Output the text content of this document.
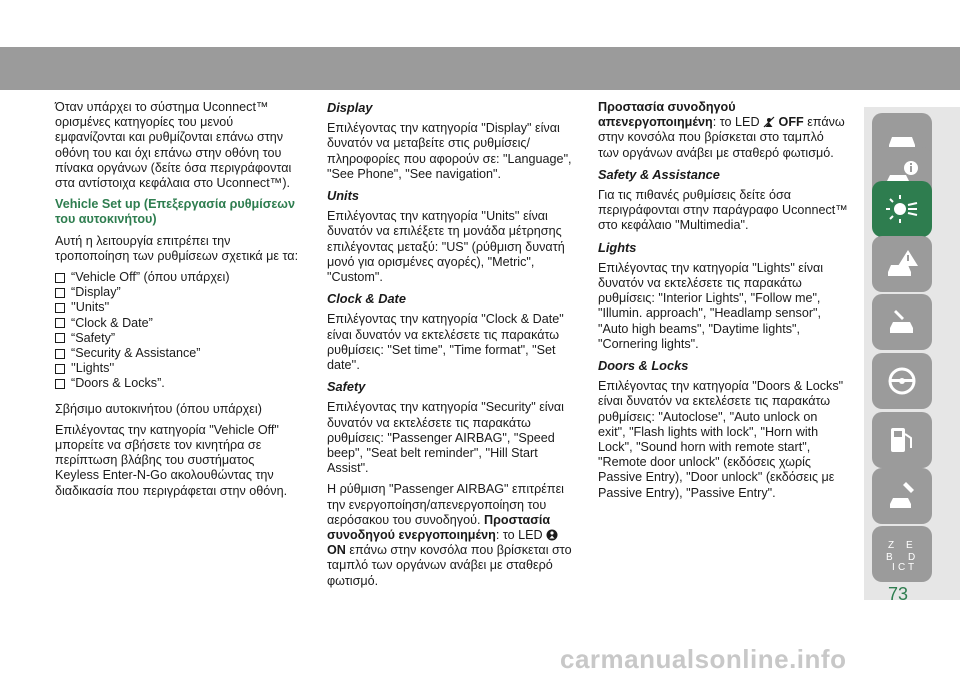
Όταν υπάρχει το σύστημα Uconnect™ ορισμένες κατηγορίες του μενού εμφανίζονται και ρυθμίζονται επάνω στην οθόνη του και όχι επάνω στην οθόνη του πίνακα οργάνων (δείτε όσα περιγράφονται στα αντίστοιχα κεφάλαια στο Uconnect™).

Vehicle Set up (Επεξεργασία ρυθμίσεων του αυτοκινήτου)

Αυτή η λειτουργία επιτρέπει την τροποποίηση των ρυθμίσεων σχετικά με τα:

“Vehicle Off” (όπου υπάρχει)
“Display”
''Units''
“Clock & Date”
“Safety”
“Security & Assistance”
''Lights''
“Doors & Locks”.

Σβήσιμο αυτοκινήτου (όπου υπάρχει)

Επιλέγοντας την κατηγορία "Vehicle Off" μπορείτε να σβήσετε τον κινητήρα σε περίπτωση βλάβης του συστήματος Keyless Enter-N-Go ακολουθώντας την διαδικασία που περιγράφεται στην οθόνη.

Display

Επιλέγοντας την κατηγορία "Display" είναι δυνατόν να μεταβείτε στις ρυθμίσεις/πληροφορίες που αφορούν σε: "Language", "See Phone", "See navigation".

Units

Επιλέγοντας την κατηγορία ''Units'' είναι δυνατόν να επιλέξετε τη μονάδα μέτρησης επιλέγοντας μεταξύ: "US" (ρύθμιση δυνατή μονό για ορισμένες αγορές), "Metric", "Custom".

Clock & Date

Επιλέγοντας την κατηγορία "Clock & Date" είναι δυνατόν να εκτελέσετε τις παρακάτω ρυθμίσεις: "Set time", "Time format", "Set date''.

Safety

Επιλέγοντας την κατηγορία "Security" είναι δυνατόν να εκτελέσετε τις παρακάτω ρυθμίσεις: "Passenger AIRBAG", "Speed beep", "Seat belt reminder", ''Hill Start Assist".

Η ρύθμιση "Passenger AIRBAG" επιτρέπει την ενεργοποίηση/απενεργοποίηση του αερόσακου του συνοδηγού. Προστασία συνοδηγού ενεργοποιημένη: το LED  ON επάνω στην κονσόλα που βρίσκεται στο ταμπλό των οργάνων ανάβει με σταθερό φωτισμό.

Προστασία συνοδηγού απενεργοποιημένη: το LED OFF επάνω στην κονσόλα που βρίσκεται στο ταμπλό των οργάνων ανάβει με σταθερό φωτισμό.

Safety & Assistance

Για τις πιθανές ρυθμίσεις δείτε όσα περιγράφονται στην παράγραφο Uconnect™ στο κεφάλαιο "Multimedia".

Lights

Επιλέγοντας την κατηγορία "Lights" είναι δυνατόν να εκτελέσετε τις παρακάτω ρυθμίσεις: "Interior Lights", "Follow me", "Illumin. approach", "Headlamp sensor", "Auto high beams", "Daytime lights", "Cornering lights".

Doors & Locks

Επιλέγοντας την κατηγορία "Doors & Locks" είναι δυνατόν να εκτελέσετε τις παρακάτω ρυθμίσεις: "Autoclose", "Auto unlock on exit", "Flash lights with lock", "Horn with Lock", "Sound horn with remote start", "Remote door unlock" (εκδόσεις χωρίς Passive Entry), "Door unlock" (εκδόσεις με Passive Entry), "Passive Entry".

Z E
B D
I C T
73
carmanualsonline.info
